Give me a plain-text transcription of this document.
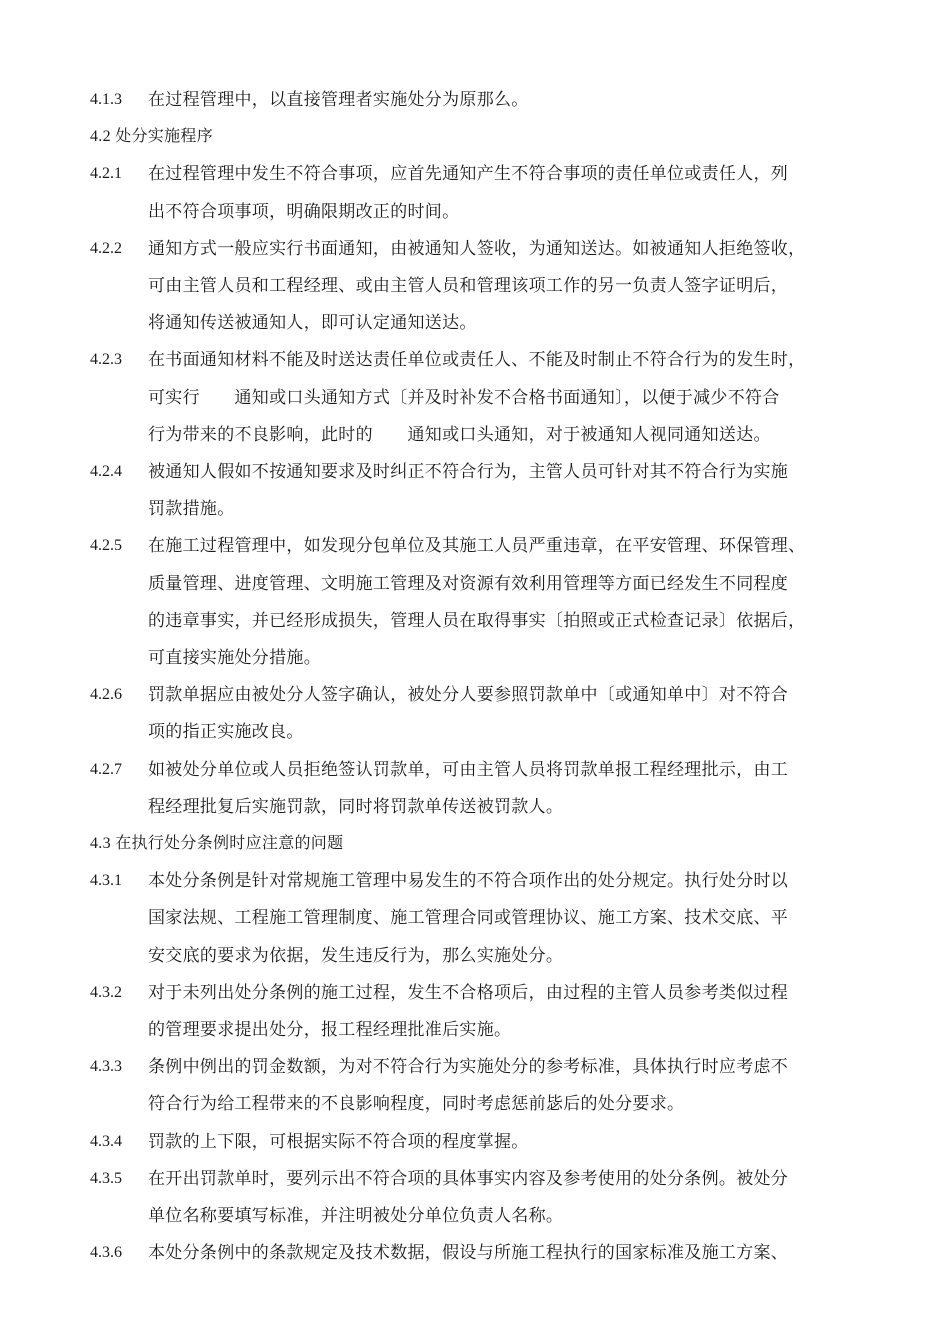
4.1.3 在过程管理中，以直接管理者实施处分为原那么。
4.2 处分实施程序
4.2.1 在过程管理中发生不符合事项，应首先通知产生不符合事项的责任单位或责任人，列
出不符合项事项，明确限期改正的时间。
4.2.2 通知方式一般应实行书面通知，由被通知人签收，为通知送达。如被通知人拒绝签收，
可由主管人员和工程经理、或由主管人员和管理该项工作的另一负责人签字证明后，
将通知传送被通知人，即可认定通知送达。
4.2.3 在书面通知材料不能及时送达责任单位或责任人、不能及时制止不符合行为的发生时，
可实行　　通知或口头通知方式〔并及时补发不合格书面通知〕，以便于减少不符合
行为带来的不良影响，此时的　　通知或口头通知，对于被通知人视同通知送达。
4.2.4 被通知人假如不按通知要求及时纠正不符合行为，主管人员可针对其不符合行为实施
罚款措施。
4.2.5 在施工过程管理中，如发现分包单位及其施工人员严重违章，在平安管理、环保管理、
质量管理、进度管理、文明施工管理及对资源有效利用管理等方面已经发生不同程度
的违章事实，并已经形成损失，管理人员在取得事实〔拍照或正式检查记录〕依据后，
可直接实施处分措施。
4.2.6 罚款单据应由被处分人签字确认，被处分人要参照罚款单中〔或通知单中〕对不符合
项的指正实施改良。
4.2.7 如被处分单位或人员拒绝签认罚款单，可由主管人员将罚款单报工程经理批示，由工
程经理批复后实施罚款，同时将罚款单传送被罚款人。
4.3 在执行处分条例时应注意的问题
4.3.1 本处分条例是针对常规施工管理中易发生的不符合项作出的处分规定。执行处分时以
国家法规、工程施工管理制度、施工管理合同或管理协议、施工方案、技术交底、平
安交底的要求为依据，发生违反行为，那么实施处分。
4.3.2 对于未列出处分条例的施工过程，发生不合格项后，由过程的主管人员参考类似过程
的管理要求提出处分，报工程经理批准后实施。
4.3.3 条例中例出的罚金数额，为对不符合行为实施处分的参考标准，具体执行时应考虑不
符合行为给工程带来的不良影响程度，同时考虑惩前毖后的处分要求。
4.3.4 罚款的上下限，可根据实际不符合项的程度掌握。
4.3.5 在开出罚款单时，要列示出不符合项的具体事实内容及参考使用的处分条例。被处分
单位名称要填写标准，并注明被处分单位负责人名称。
4.3.6 本处分条例中的条款规定及技术数据，假设与所施工程执行的国家标准及施工方案、
